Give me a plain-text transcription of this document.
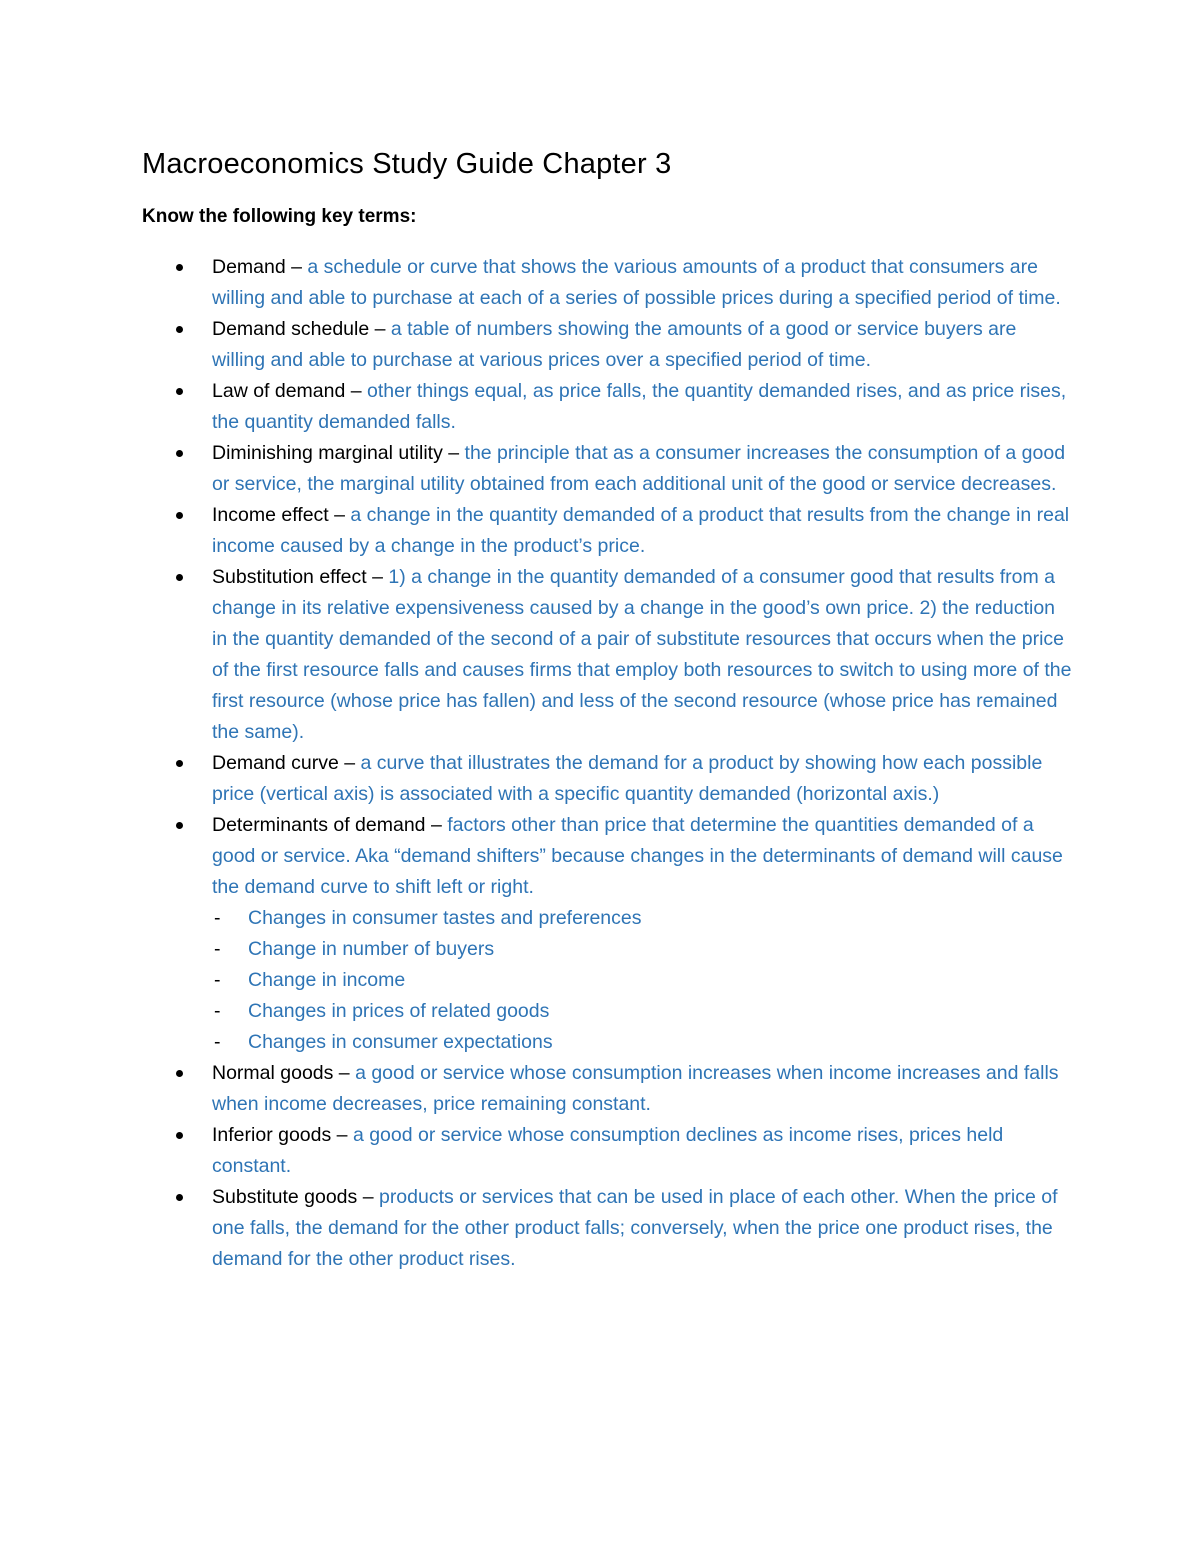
Macroeconomics Study Guide Chapter 3
Know the following key terms:
Demand – a schedule or curve that shows the various amounts of a product that consumers are willing and able to purchase at each of a series of possible prices during a specified period of time.
Demand schedule – a table of numbers showing the amounts of a good or service buyers are willing and able to purchase at various prices over a specified period of time.
Law of demand – other things equal, as price falls, the quantity demanded rises, and as price rises, the quantity demanded falls.
Diminishing marginal utility – the principle that as a consumer increases the consumption of a good or service, the marginal utility obtained from each additional unit of the good or service decreases.
Income effect – a change in the quantity demanded of a product that results from the change in real income caused by a change in the product’s price.
Substitution effect – 1) a change in the quantity demanded of a consumer good that results from a change in its relative expensiveness caused by a change in the good’s own price. 2) the reduction in the quantity demanded of the second of a pair of substitute resources that occurs when the price of the first resource falls and causes firms that employ both resources to switch to using more of the first resource (whose price has fallen) and less of the second resource (whose price has remained the same).
Demand curve – a curve that illustrates the demand for a product by showing how each possible price (vertical axis) is associated with a specific quantity demanded (horizontal axis.)
Determinants of demand – factors other than price that determine the quantities demanded of a good or service. Aka “demand shifters” because changes in the determinants of demand will cause the demand curve to shift left or right.
- Changes in consumer tastes and preferences
- Change in number of buyers
- Change in income
- Changes in prices of related goods
- Changes in consumer expectations
Normal goods – a good or service whose consumption increases when income increases and falls when income decreases, price remaining constant.
Inferior goods – a good or service whose consumption declines as income rises, prices held constant.
Substitute goods – products or services that can be used in place of each other. When the price of one falls, the demand for the other product falls; conversely, when the price one product rises, the demand for the other product rises.
